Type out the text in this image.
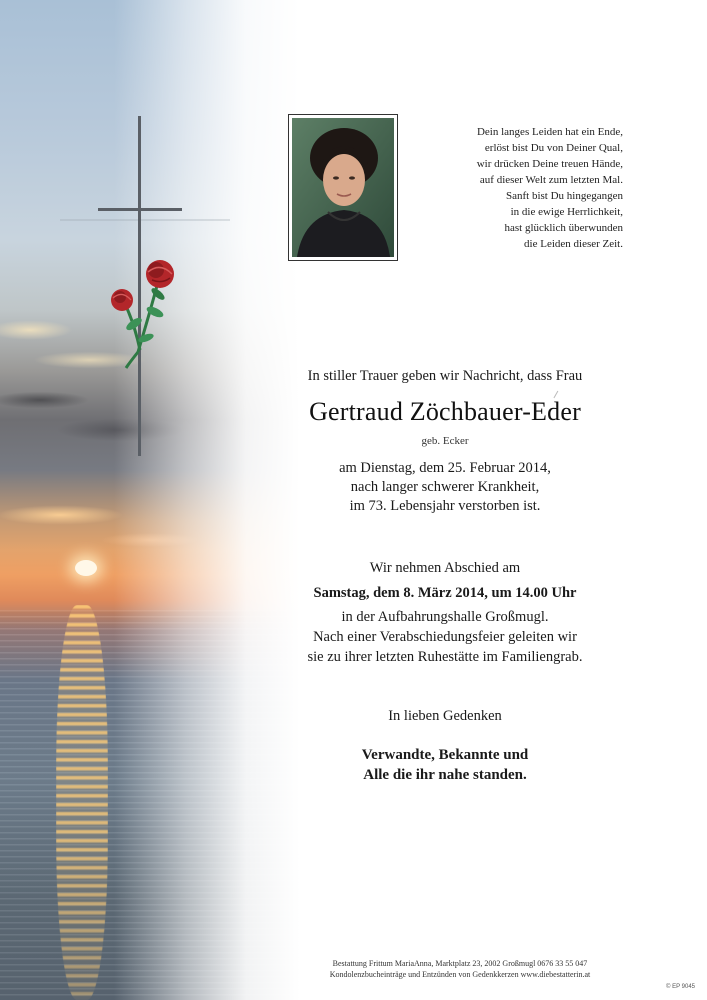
Dein langes Leiden hat ein Ende,
erlöst bist Du von Deiner Qual,
wir drücken Deine treuen Hände,
auf dieser Welt zum letzten Mal.
Sanft bist Du hingegangen
in die ewige Herrlichkeit,
hast glücklich überwunden
die Leiden dieser Zeit.
In stiller Trauer geben wir Nachricht, dass Frau
Gertraud Zöchbauer-Eder
geb. Ecker
am Dienstag, dem 25. Februar 2014,
nach langer schwerer Krankheit,
im 73. Lebensjahr verstorben ist.
Wir nehmen Abschied am
Samstag, dem 8. März 2014, um 14.00 Uhr
in der Aufbahrungshalle Großmugl.
Nach einer Verabschiedungsfeier geleiten wir
sie zu ihrer letzten Ruhestätte im Familiengrab.
In lieben Gedenken
Verwandte, Bekannte und
Alle die ihr nahe standen.
Bestattung Frittum MariaAnna, Marktplatz 23, 2002 Großmugl 0676 33 55 047
Kondolenzbucheinträge und Entzünden von Gedenkkerzen www.diebestatterin.at
© EP 9045
